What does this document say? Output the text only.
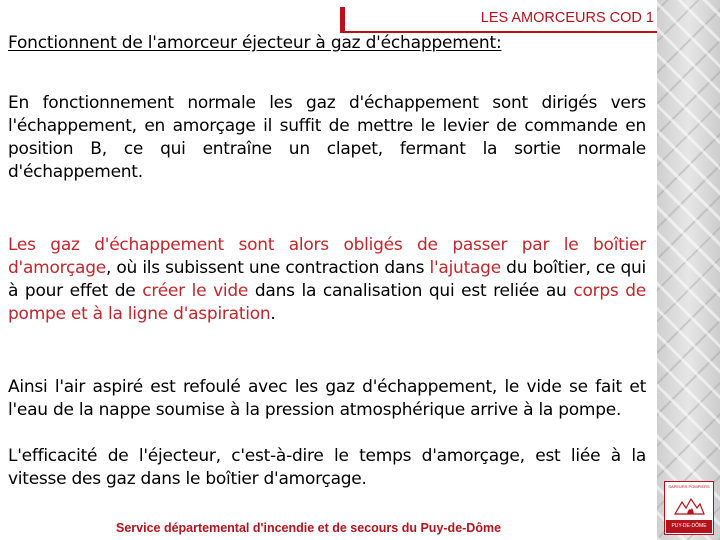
LES AMORCEURS COD 1
Fonctionnent de l'amorceur éjecteur à gaz d'échappement:

En fonctionnement normale les gaz d'échappement sont dirigés vers l'échappement, en amorçage il suffit de mettre le levier de commande en position B, ce qui entraîne un clapet, fermant la sortie normale d'échappement.

Les gaz d'échappement sont alors obligés de passer par le boîtier d'amorçage, où ils subissent une contraction dans l'ajutage du boîtier, ce qui à pour effet de créer le vide dans la canalisation qui est reliée au corps de pompe et à la ligne d'aspiration.

Ainsi l'air aspiré est refoulé avec les gaz d'échappement, le vide se fait et l'eau de la nappe soumise à la pression atmosphérique arrive à la pompe.

L'efficacité de l'éjecteur, c'est-à-dire le temps d'amorçage, est liée à la vitesse des gaz dans le boîtier d'amorçage.

Service départemental d'incendie et de secours du Puy-de-Dôme
SAPEURS POMPIERS
PUY-DE-DÔME
